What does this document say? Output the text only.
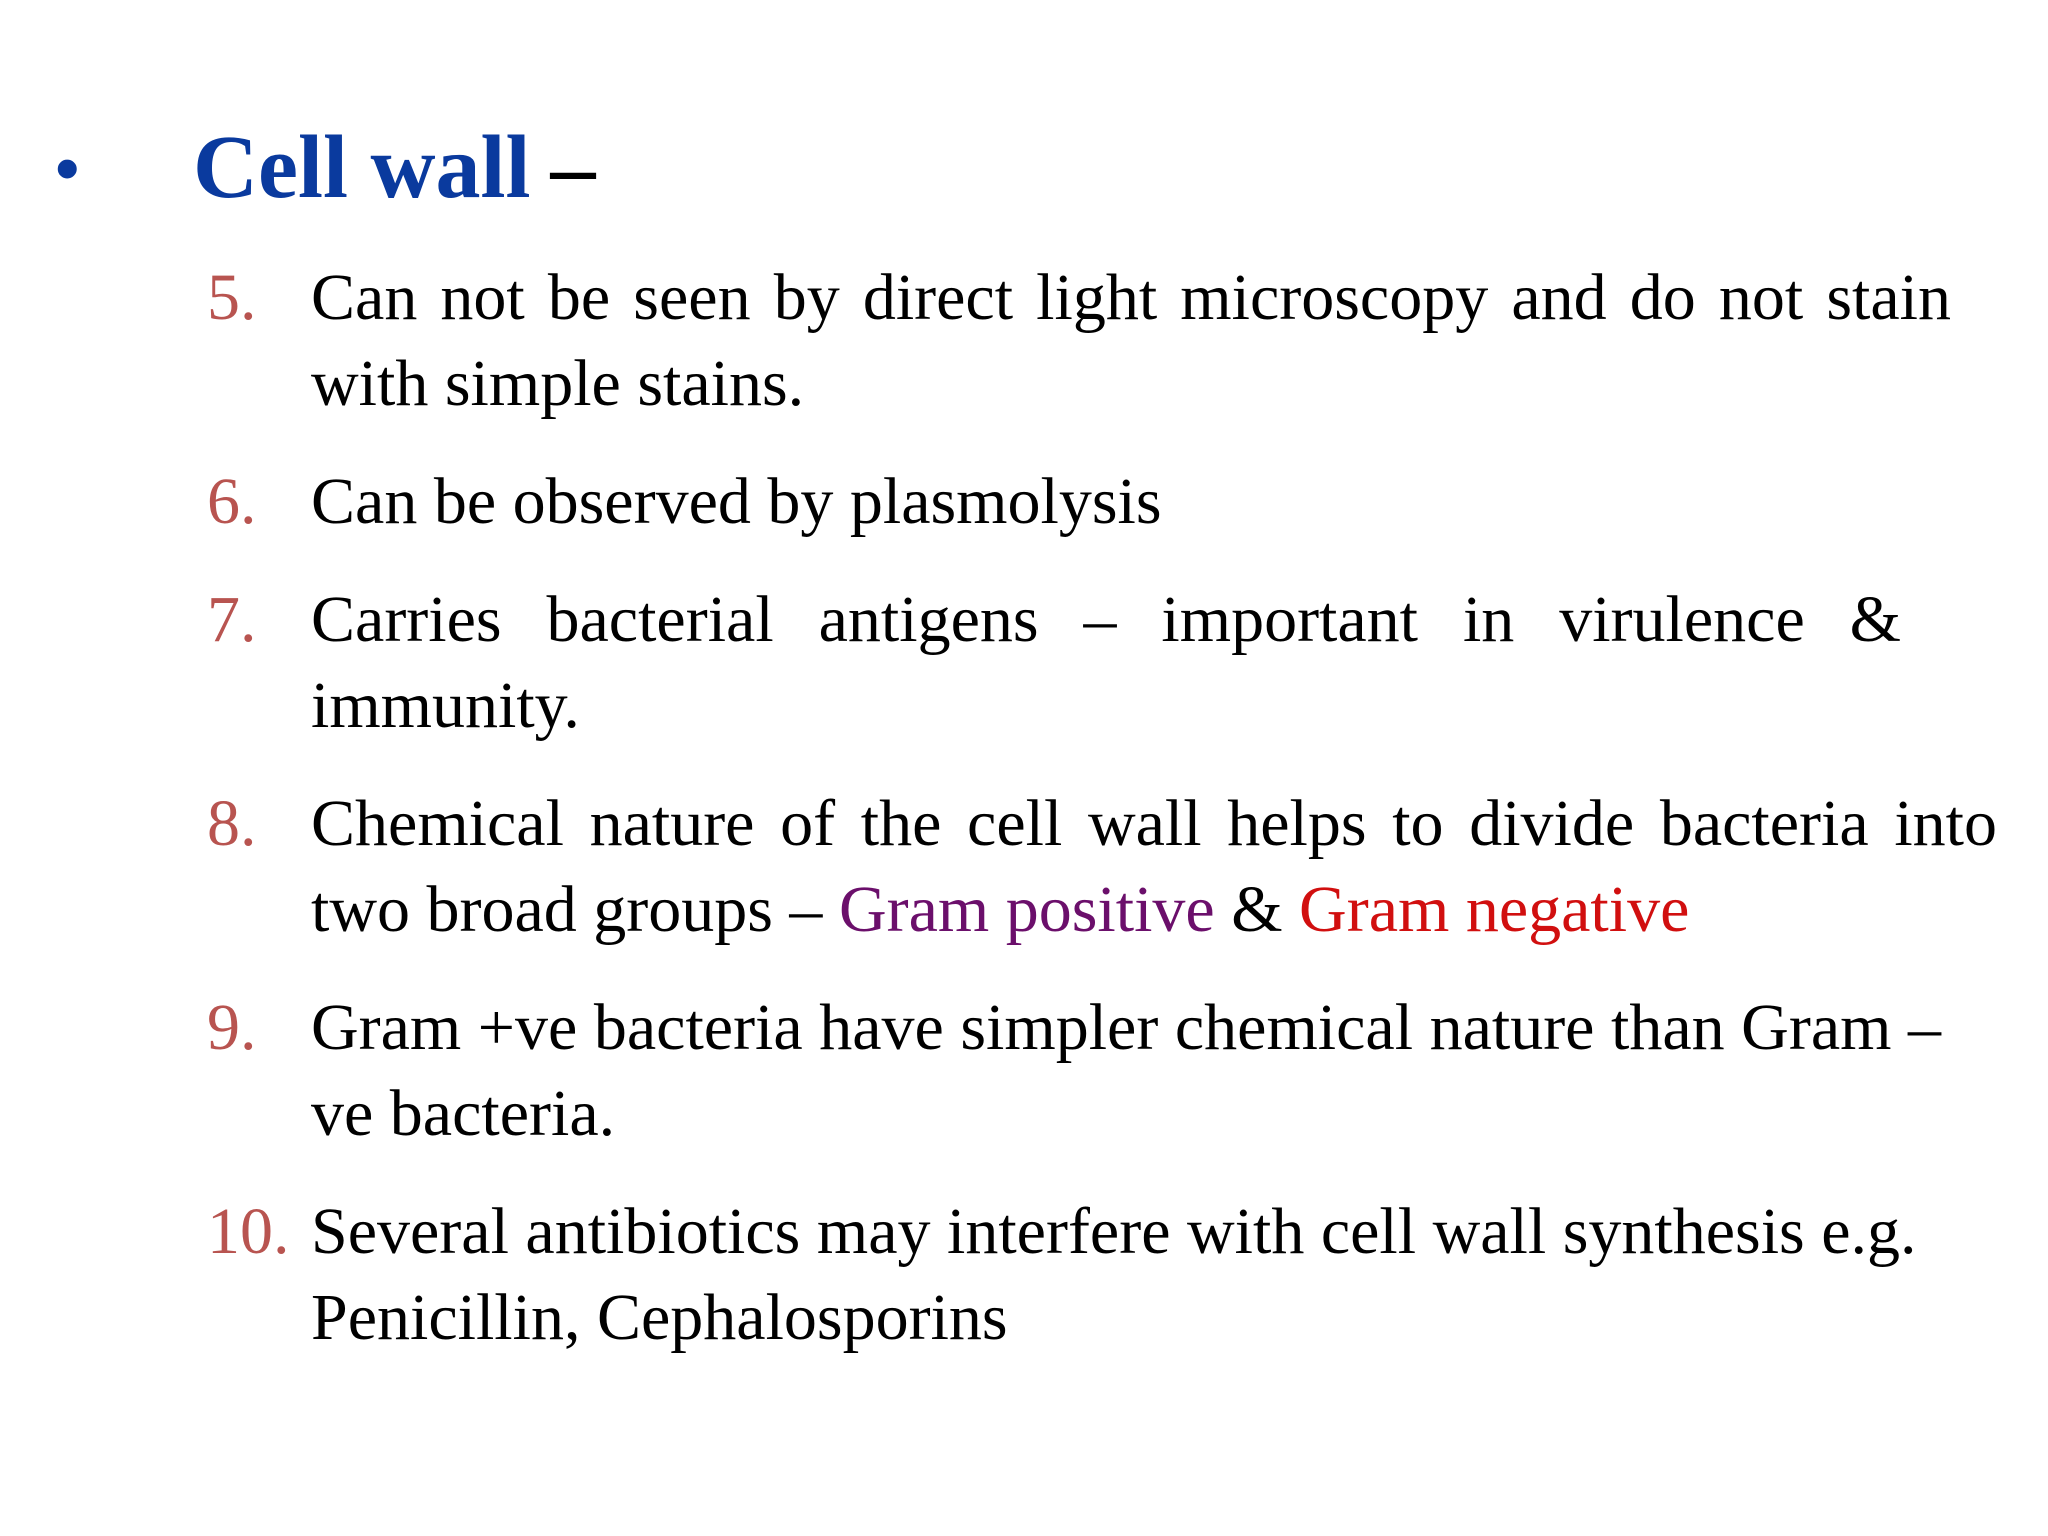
• Cell wall –
5. Can not be seen by direct light microscopy and do not stain with simple stains.
6. Can be observed by plasmolysis
7. Carries bacterial antigens – important in virulence & immunity.
8. Chemical nature of the cell wall helps to divide bacteria into two broad groups – Gram positive & Gram negative
9. Gram +ve bacteria have simpler chemical nature than Gram –ve bacteria.
10. Several antibiotics may interfere with cell wall synthesis e.g. Penicillin, Cephalosporins
